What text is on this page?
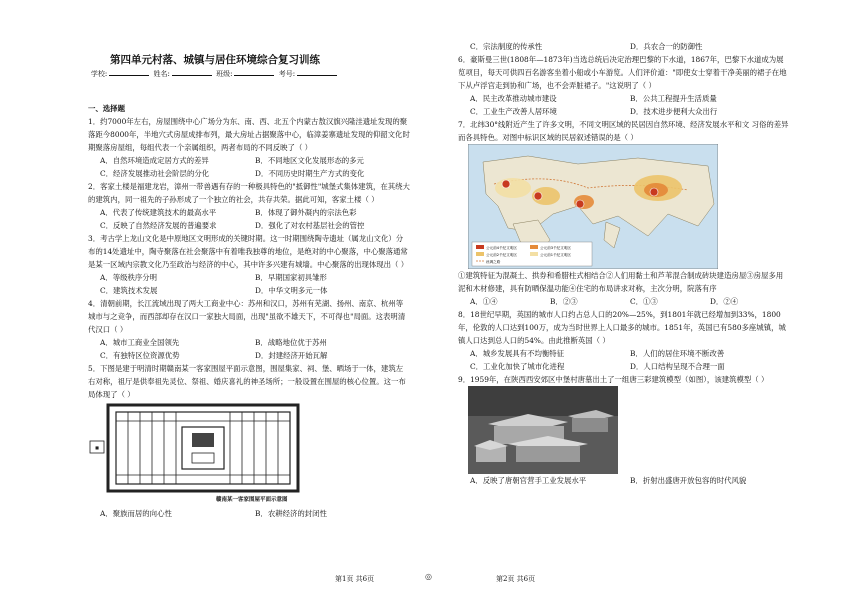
第四单元村落、城镇与居住环境综合复习训练
学校:	姓名:	班级:	考号:
一、选择题
1．约7000年左右，房屋围绕中心广场分为东、南、西、北五个内蒙古敖汉旗兴隆洼遗址发现的聚落距今8000年，半地穴式房屋成排布列，最大房址占据聚落中心，临漳姜寨遗址发现的仰韶文化时期聚落房屋组，每组代表一个亲属组织，两者布局的不同反映了（ ）
A．自然环境造成定居方式的差异	B．不同地区文化发展形态的多元
C．经济发展推动社会阶层的分化	D．不同历史时期生产方式的变化
2．客家土楼是福建龙岩，漳州一带兽遇有存的一种极具特色的"抵御性"城堡式集体建筑，在其绕大的建筑内，同一祖先的子孙形成了一个独立的社会，共存共荣。据此可知，客家土楼（ ）
A．代表了传统建筑技术的最高水平	B．体现了御外凝内的宗法色彩
C．反映了自然经济发展的普遍要求	D．强化了对农村基层社会的管控
3．考古学上龙山文化是中原地区文明形成的关键时期。这一时期围绕陶寺遗址（属龙山文化）分布的14处遗址中，陶寺聚落在社会聚落中有着唯我独尊的地位，是绝对的中心聚落，中心聚落通常是某一区域内宗教文化乃至政治与经济的中心，其中许多兴建有城墙。中心聚落的出现体现出（ ）
A．等级秩序分明	B．早期国家初具雏形
C．建筑技术发展	D．中华文明多元一体
4．清朝前期，长江流域出现了两大工商业中心：苏州和汉口，苏州有芜湖、扬州、南京、杭州等城市与之竞争，而西部却存在汉口一家独大局面，出现"虽欲不雄天下，不可得也"局面。这表明清代汉口（ ）
A．城市工商业全国领先	B．战略地位优于苏州
C．有独特区位资源优势	D．封建经济开始瓦解
5．下图是建于明清时期赣南某一客家围屋平面示意图，围屋集家、祠、堡、晒场于一体，建筑左右对称，祖厅是供奉祖先灵位、祭祖、婚庆喜礼的神圣场所；一般设置在围屋的核心位置。这一布局体现了（ ）
■
赣南某一客家围屋平面示意图
A．聚族而居的向心性	B．农耕经济的封闭性
第1页 共6页	◎
C．宗法制度的传承性	D．兵农合一的防御性
6．豪斯曼三世(1808年—1873年)当选总统后决定治理巴黎的下水道，1867年，巴黎下水道成为展览项目，每天可供四百名游客坐着小船或小车游览。人们评价道："即使女士穿着干净美丽的裙子在地下从卢浮宫走到协和广场，也不会弄脏裙子。"这说明了（ ）
A．民主改革推动城市建设	B．公共工程提升生活质量
C．工业生产改善人居环境	D．技术进步便利大众出行
7．北纬30°线附近产生了许多文明，不同文明区域的民居因自然环境、经济发展水平和文 习俗的差异而各具特色。对图中标识区域的民居叙述错误的是（ ）
公元前4千纪文明区	公元前3千纪文明区
公元前2千纪文明区	公元前1千纪文明区
丝绸之路
①建筑特征为混凝土、拱券和希腊柱式相结合②人们用黏土和芦苇混合制成砖块建造房屋③房屋多用泥和木材修建，具有防晒保温功能④住宅的布局讲求对称，主次分明，院落有序
A．①④	B．②③	C．①③	D．②④
8．18世纪早期，英国的城市人口约占总人口的20%—25%，到1801年就已经增加到33%，1800年，伦敦的人口达到100万，成为当时世界上人口最多的城市。1851年，英国已有580多座城镇，城镇人口达到总人口的54%。由此推断英国（ ）
A．城乡发展具有不均衡特征	B．人们的居住环境不断改善
C．工业化加快了城市化进程	D．人口结构呈现不合理一面
9．1959年，在陕西西安郊区中堡村唐墓出土了一组唐三彩建筑模型（如图），该建筑模型（ ）
A．反映了唐朝官营手工业发展水平	B．折射出盛唐开放包容的时代风貌
第2页 共6页
